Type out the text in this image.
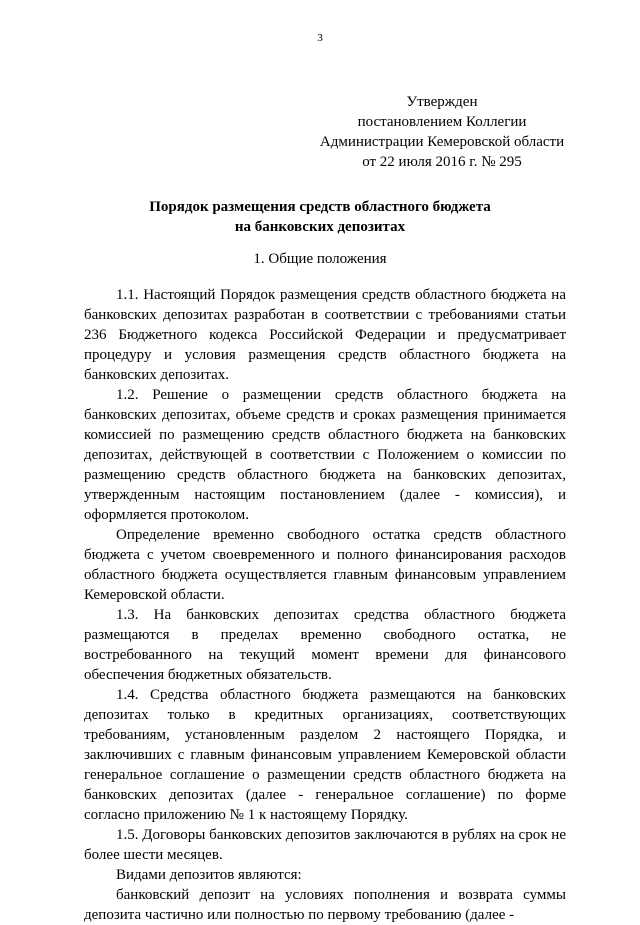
3
Утвержден
постановлением Коллегии
Администрации Кемеровской области
от 22 июля 2016 г. № 295
Порядок размещения средств областного бюджета
на банковских депозитах
1. Общие положения

1.1. Настоящий Порядок размещения средств областного бюджета на банковских депозитах разработан в соответствии с требованиями статьи 236 Бюджетного кодекса Российской Федерации и предусматривает процедуру и условия размещения средств областного бюджета на банковских депозитах.

1.2. Решение о размещении средств областного бюджета на банковских депозитах, объеме средств и сроках размещения принимается комиссией по размещению средств областного бюджета на банковских депозитах, действующей в соответствии с Положением о комиссии по размещению средств областного бюджета на банковских депозитах, утвержденным настоящим постановлением (далее - комиссия), и оформляется протоколом.

Определение временно свободного остатка средств областного бюджета с учетом своевременного и полного финансирования расходов областного бюджета осуществляется главным финансовым управлением Кемеровской области.

1.3. На банковских депозитах средства областного бюджета размещаются в пределах временно свободного остатка, не востребованного на текущий момент времени для финансового обеспечения бюджетных обязательств.

1.4. Средства областного бюджета размещаются на банковских депозитах только в кредитных организациях, соответствующих требованиям, установленным разделом 2 настоящего Порядка, и заключивших с главным финансовым управлением Кемеровской области генеральное соглашение о размещении средств областного бюджета на банковских депозитах (далее - генеральное соглашение) по форме согласно приложению № 1 к настоящему Порядку.

1.5. Договоры банковских депозитов заключаются в рублях на срок не более шести месяцев.

Видами депозитов являются:

банковский депозит на условиях пополнения и возврата суммы депозита частично или полностью по первому требованию (далее -
